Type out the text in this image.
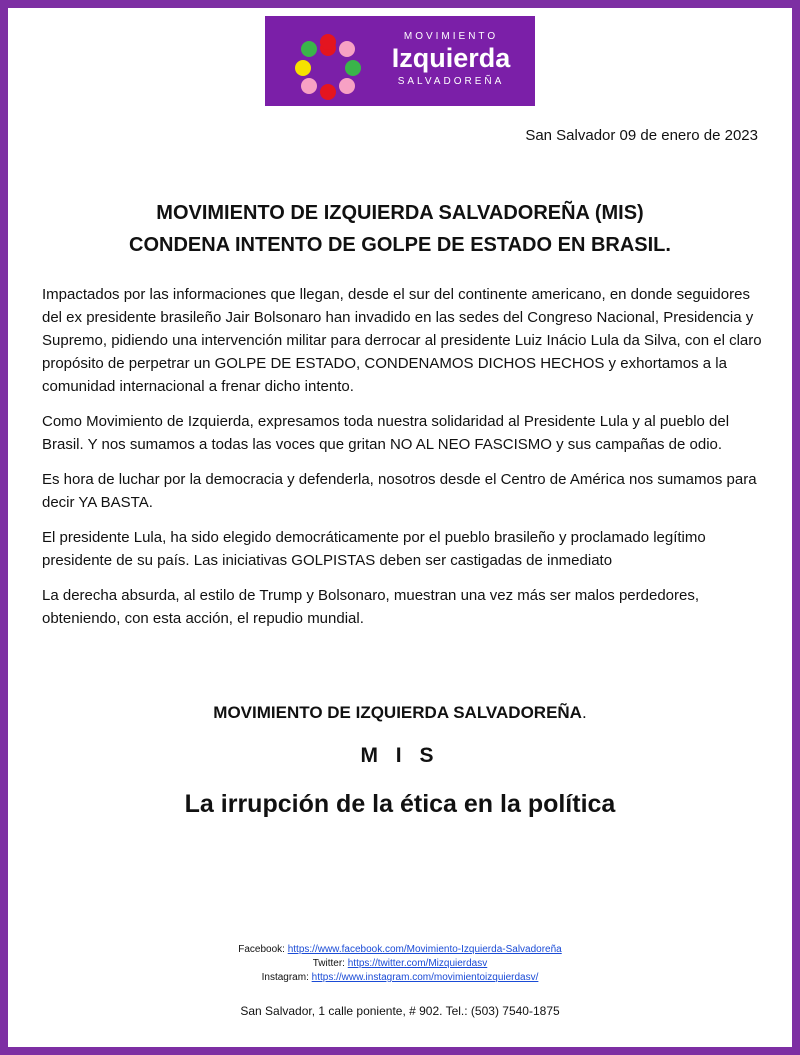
MOVIMIENTO
Izquierda
SALVADOREÑA
San Salvador 09 de enero de 2023
MOVIMIENTO DE IZQUIERDA SALVADOREÑA (MIS)
CONDENA INTENTO DE GOLPE DE ESTADO EN BRASIL.

Impactados por las informaciones que llegan, desde el sur del continente americano, en donde seguidores del ex presidente brasileño Jair Bolsonaro han invadido en las sedes del Congreso Nacional, Presidencia y Supremo, pidiendo una intervención militar para derrocar al presidente Luiz Inácio Lula da Silva, con el claro propósito de perpetrar un GOLPE DE ESTADO, CONDENAMOS DICHOS HECHOS y exhortamos a la comunidad internacional a frenar dicho intento.

Como Movimiento de Izquierda, expresamos toda nuestra solidaridad al Presidente Lula y al pueblo del Brasil. Y nos sumamos a todas las voces que gritan NO AL NEO FASCISMO y sus campañas de odio.

Es hora de luchar por la democracia y defenderla, nosotros desde el Centro de América nos sumamos para decir YA BASTA.

El presidente Lula, ha sido elegido democráticamente por el pueblo brasileño y proclamado legítimo presidente de su país. Las iniciativas GOLPISTAS deben ser castigadas de inmediato

La derecha absurda, al estilo de Trump y Bolsonaro, muestran una vez más ser malos perdedores, obteniendo, con esta acción, el repudio mundial.

MOVIMIENTO DE IZQUIERDA SALVADOREÑA.
M I S
La irrupción de la ética en la política
Facebook: https://www.facebook.com/Movimiento-Izquierda-Salvadoreña
Twitter: https://twitter.com/Mizquierdasv
Instagram: https://www.instagram.com/movimientoizquierdasv/
San Salvador, 1 calle poniente, # 902. Tel.: (503) 7540-1875
